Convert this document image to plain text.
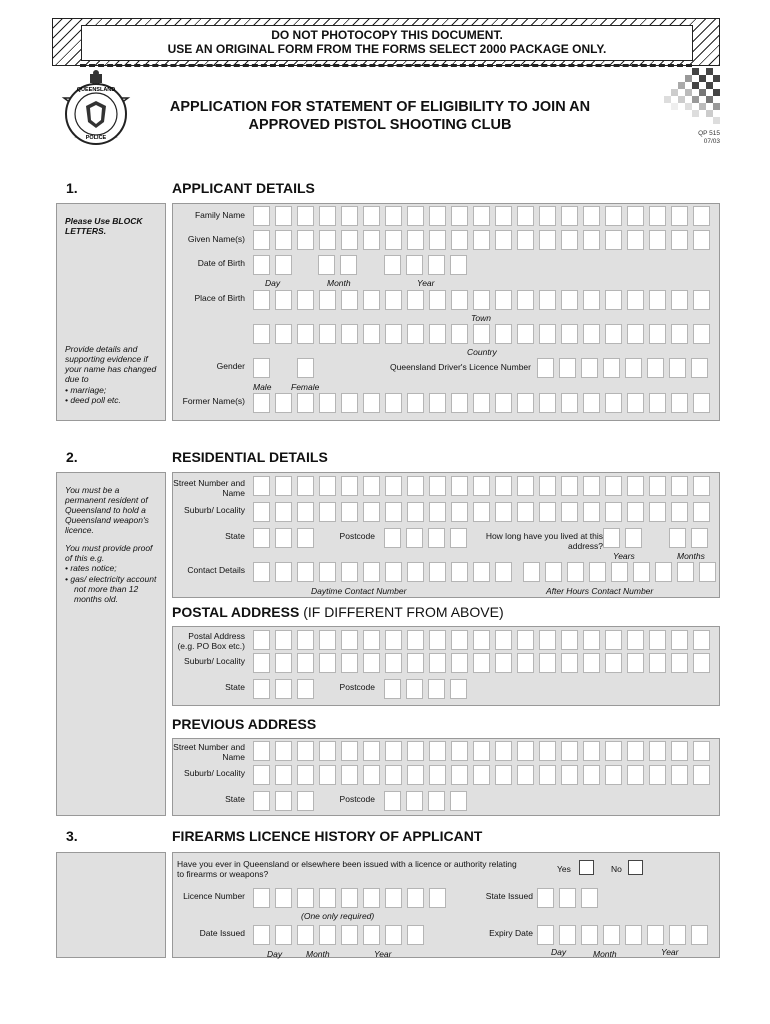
DO NOT PHOTOCOPY THIS DOCUMENT.
USE AN ORIGINAL FORM FROM THE FORMS SELECT 2000 PACKAGE ONLY.
QUEENSLAND
POLICE
APPLICATION FOR STATEMENT OF ELIGIBILITY TO JOIN AN
APPROVED PISTOL SHOOTING CLUB
QP 515
07/03
1.	APPLICANT DETAILS

Please Use BLOCK LETTERS.

Provide details and supporting evidence if your name has changed due to

• marriage;

• deed poll etc.

Family Name
Given Name(s)
Date of Birth
Day	Month	Year
Place of Birth
Town
Country
Gender
Male Female
Queensland Driver's Licence Number
Former Name(s)
2.	RESIDENTIAL DETAILS

You must be a permanent resident of Queensland to hold a Queensland weapon's licence.

You must provide proof of this e.g.

• rates notice;

• gas/ electricity account not more than 12 months old.

Street Number and Name
Suburb/ Locality
State	Postcode	How long have you lived at this address?
Years	Months
Contact Details
Daytime Contact Number	After Hours Contact Number
POSTAL ADDRESS (IF DIFFERENT FROM ABOVE)
Postal Address (e.g. PO Box etc.)
Suburb/ Locality
State	Postcode
PREVIOUS ADDRESS
Street Number and Name
Suburb/ Locality
State	Postcode
3.	FIREARMS LICENCE HISTORY OF APPLICANT
Have you ever in Queensland or elsewhere been issued with a licence or authority relating to firearms or weapons?	Yes	No
Licence Number	State Issued
(One only required)
Date Issued
Day	Month	Year
Expiry Date
Day	Month	Year
